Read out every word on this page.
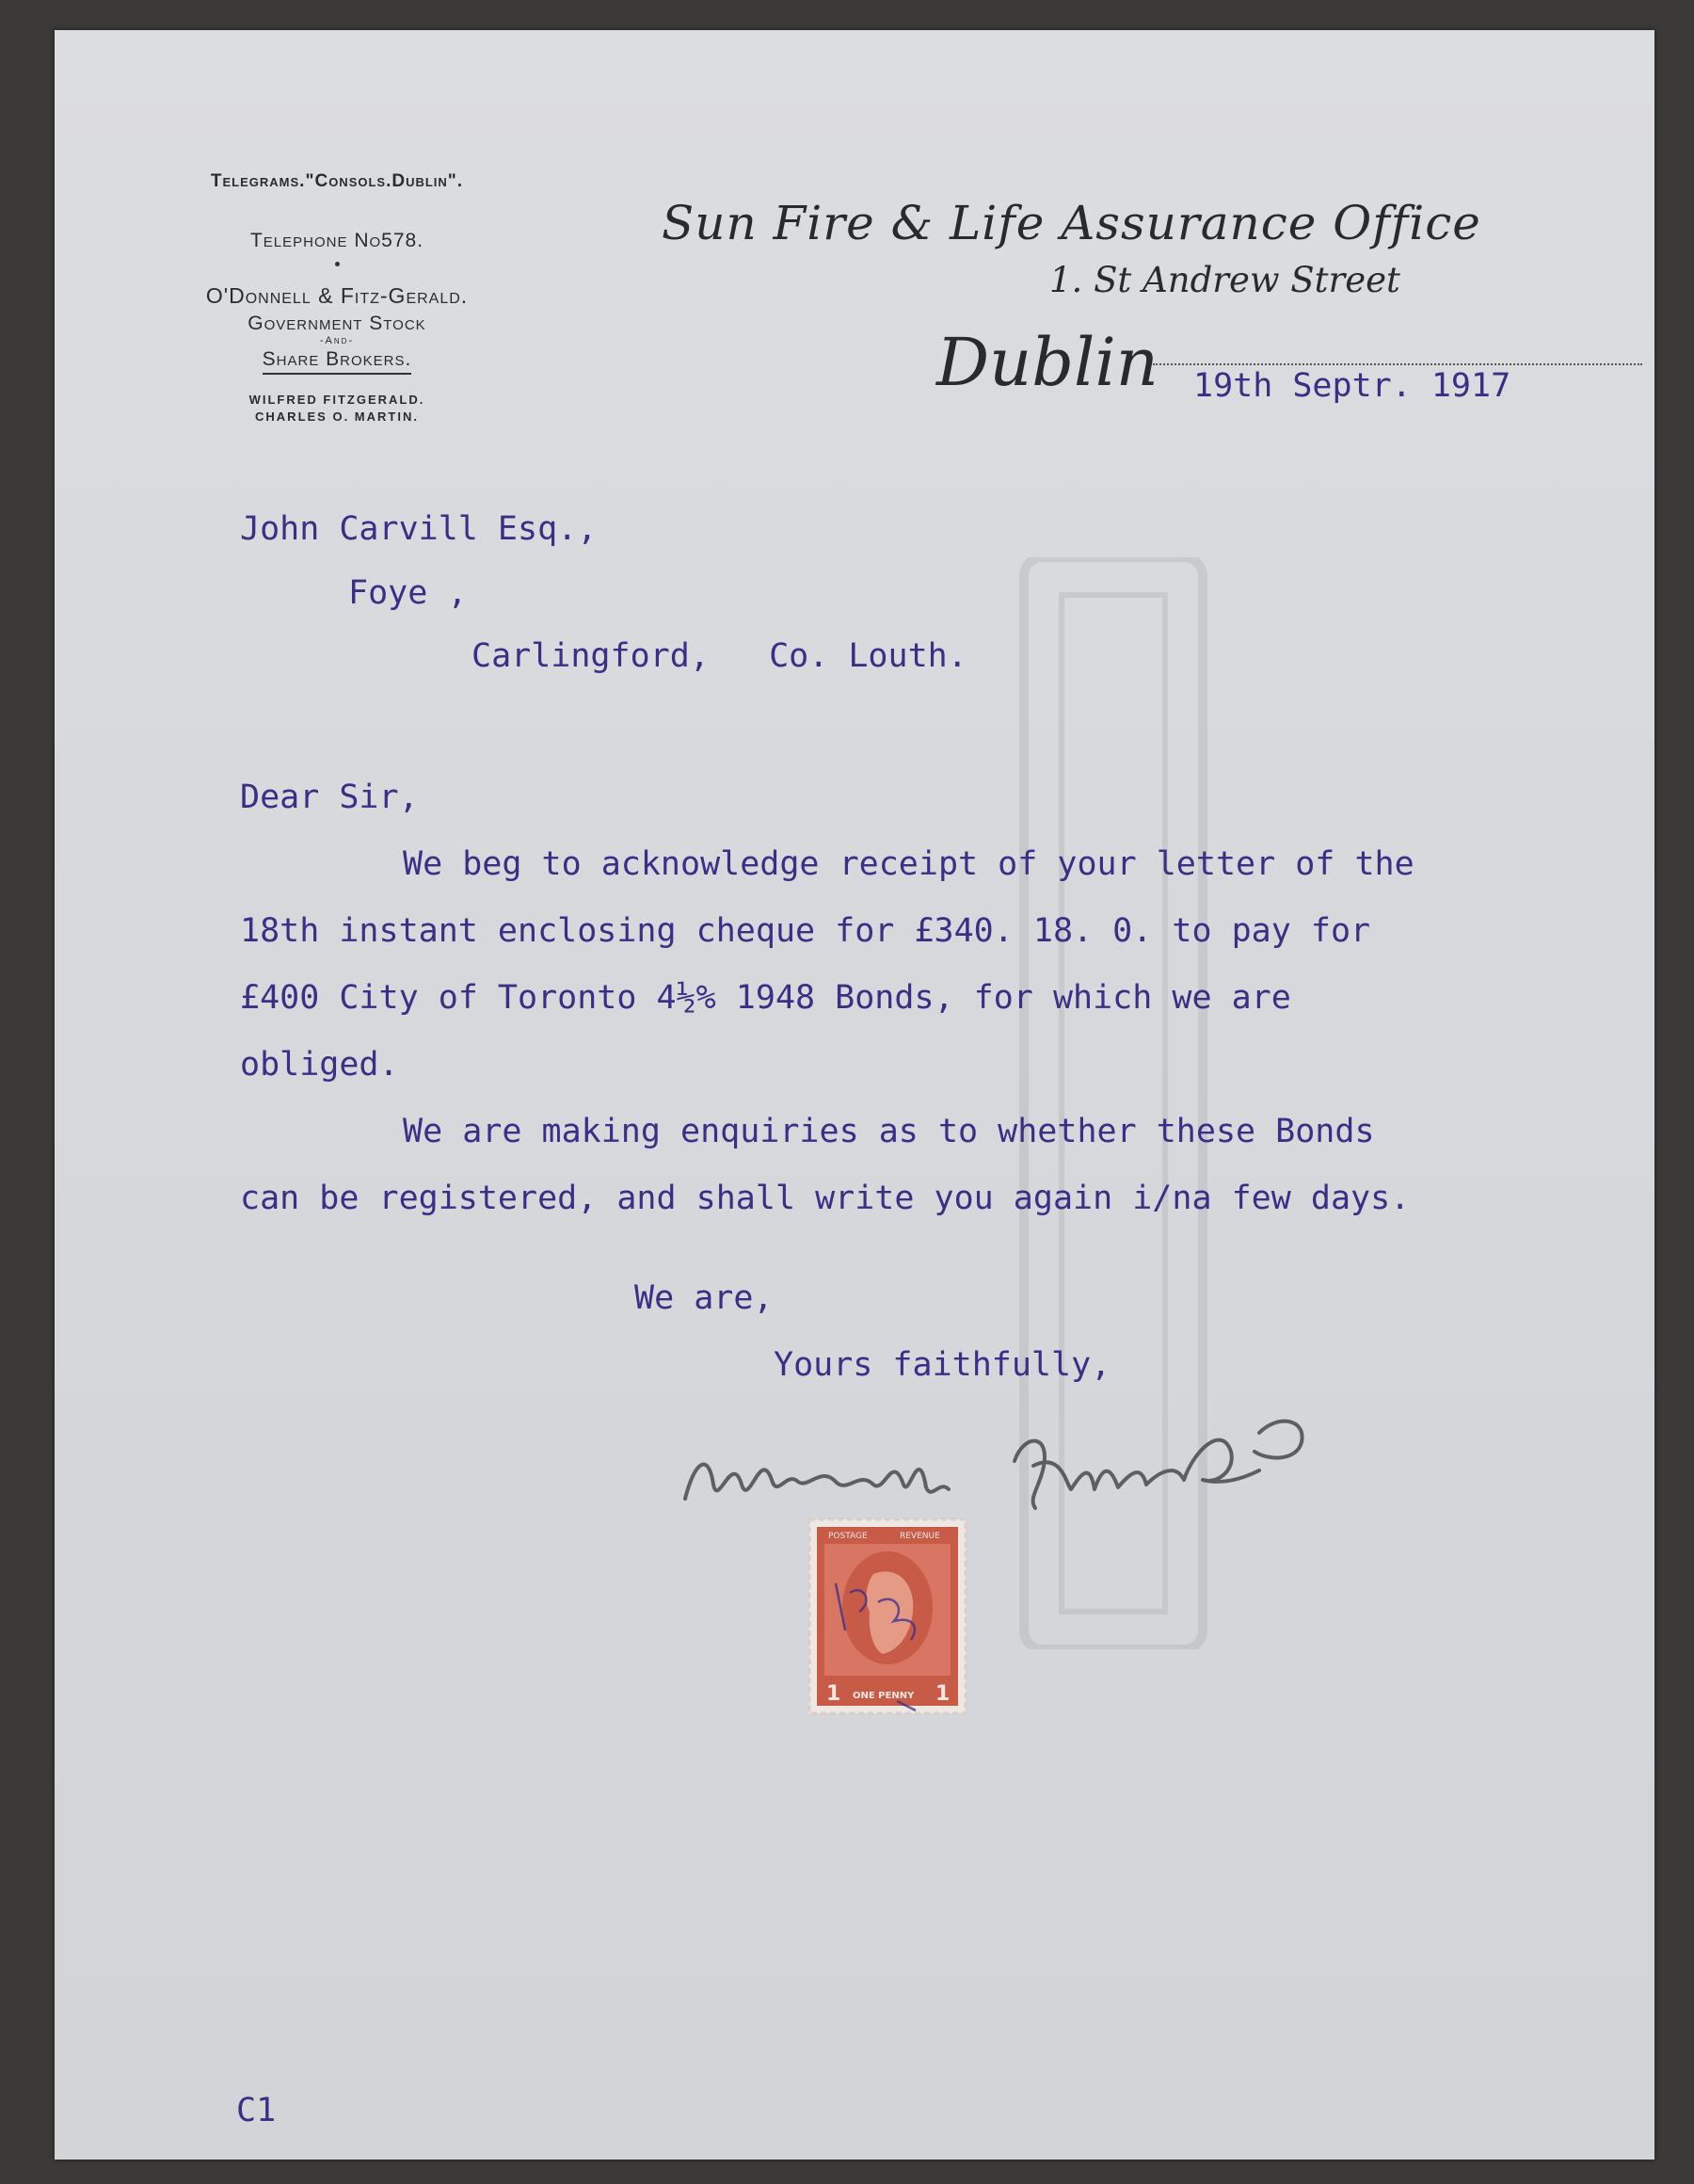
Telegrams."Consols.Dublin".
Telephone No578.
O'Donnell & Fitz-Gerald.
Government Stock
-And-
Share Brokers.
WILFRED FITZGERALD.
CHARLES O. MARTIN.
Sun Fire & Life Assurance Office
1. St Andrew Street
Dublin 19th Septr. 1917
John Carvill Esq.,
Foye ,
Carlingford,   Co. Louth.
Dear Sir,
We beg to acknowledge receipt of your letter of the
18th instant enclosing cheque for £340. 18. 0. to pay for
£400 City of Toronto 4½% 1948 Bonds, for which we are
obliged.
We are making enquiries as to whether these Bonds
can be registered, and shall write you again i/na few days.
We are,
Yours faithfully,
POSTAGE	REVENUE
1	1
ONE PENNY
C1
